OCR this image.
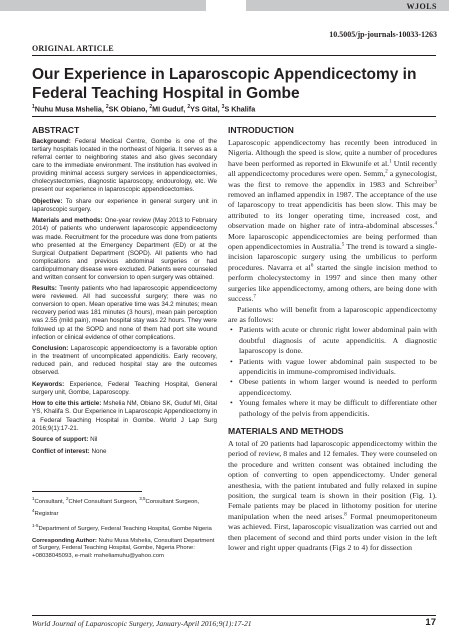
WJOLS
10.5005/jp-journals-10033-1263
ORIGINAL ARTICLE
Our Experience in Laparoscopic Appendicectomy in Federal Teaching Hospital in Gombe
$^1$Nuhu Musa Mshelia, $^2$SK Obiano, $^2$MI Guduf, $^2$YS Gital, $^3$S Khalifa
ABSTRACT

Background: Federal Medical Centre, Gombe is one of the tertiary hospitals located in the northeast of Nigeria. It serves as a referral center to neighboring states and also gives secondary care to the immediate environment. The institution has evolved in providing minimal access surgery services in appendicectomies, cholecystectomies, diagnostic laparoscopy, endourology, etc. We present our experience in laparoscopic appendicectomies.

Objective: To share our experience in general surgery unit in laparoscopic surgery.

Materials and methods: One-year review (May 2013 to February 2014) of patients who underwent laparoscopic appendicectomy was made. Recruitment for the procedure was done from patients who presented at the Emergency Department (ED) or at the Surgical Outpatient Department (SOPD). All patients who had complications and previous abdominal surgeries or had cardiopulmonary disease were excluded. Patients were counseled and written consent for conversion to open surgery was obtained.

Results: Twenty patients who had laparoscopic appendicectomy were reviewed. All had successful surgery; there was no conversion to open. Mean operative time was 34.2 minutes; mean recovery period was 181 minutes (3 hours), mean pain perception was 2.55 (mild pain), mean hospital stay was 22 hours. They were followed up at the SOPD and none of them had port site wound infection or clinical evidence of other complications.

Conclusion: Laparoscopic appendicectomy is a favorable option in the treatment of uncomplicated appendicitis. Early recovery, reduced pain, and reduced hospital stay are the outcomes observed.

Keywords: Experience, Federal Teaching Hospital, General surgery unit, Gombe, Laparoscopy.

How to cite this article: Mshelia NM, Obiano SK, Guduf MI, Gital YS, Khalifa S. Our Experience in Laparoscopic Appendicectomy in a Federal Teaching Hospital in Gombe. World J Lap Surg 2016;9(1):17-21.

Source of support: Nil

Conflict of interest: None

$^1$Consultant, $^2$Chief Consultant Surgeon, $^{3,5}$Consultant Surgeon, $^4$Registrar

$^{1-5}$Department of Surgery, Federal Teaching Hospital, Gombe Nigeria

Corresponding Author: Nuhu Musa Mshelia, Consultant Department of Surgery, Federal Teaching Hospital, Gombe, Nigeria Phone: +08038045093, e-mail: msheliamuhu@yahoo.com

INTRODUCTION

Laparoscopic appendicectomy has recently been introduced in Nigeria. Although the speed is slow, quite a number of procedures have been performed as reported in Ekwunife et al.$^1$ Until recently all appendicectomy procedures were open. Semm,$^2$ a gynecologist, was the first to remove the appendix in 1983 and Schreiber$^3$ removed an inflamed appendix in 1987. The acceptance of the use of laparoscopy to treat appendicitis has been slow. This may be attributed to its longer operating time, increased cost, and observation made on higher rate of intra-abdominal abscesses.$^4$ More laparoscopic appendicectomies are being performed than open appendicectomies in Australia.$^5$ The trend is toward a single-incision laparoscopic surgery using the umbilicus to perform procedures. Navarra et $al^6$ started the single incision method to perform cholecystectomy in 1997 and since then many other surgeries like appendicectomy, among others, are being done with success.$^7$

Patients who will benefit from a laparoscopic appendicectomy are as follows:

• Patients with acute or chronic right lower abdominal pain with doubtful diagnosis of acute appendicitis. A diagnostic laparoscopy is done.
• Patients with vague lower abdominal pain suspected to be appendicitis in immune-compromised individuals.
• Obese patients in whom larger wound is needed to perform appendicectomy.
• Young females where it may be difficult to differentiate other pathology of the pelvis from appendicitis.
MATERIALS AND METHODS

A total of 20 patients had laparoscopic appendicectomy within the period of review, 8 males and 12 females. They were counseled on the procedure and written consent was obtained including the option of converting to open appendicectomy. Under general anesthesia, with the patient intubated and fully relaxed in supine position, the surgical team is shown in their position (Fig. 1). Female patients may be placed in lithotomy position for uterine manipulation when the need arises.$^8$ Formal pneumoperitoneum was achieved. First, laparoscopic visualization was carried out and then placement of second and third ports under vision in the left lower and right upper quadrants (Figs 2 to 4) for dissection

World Journal of Laparoscopic Surgery, January-April 2016;9(1):17-21	17
